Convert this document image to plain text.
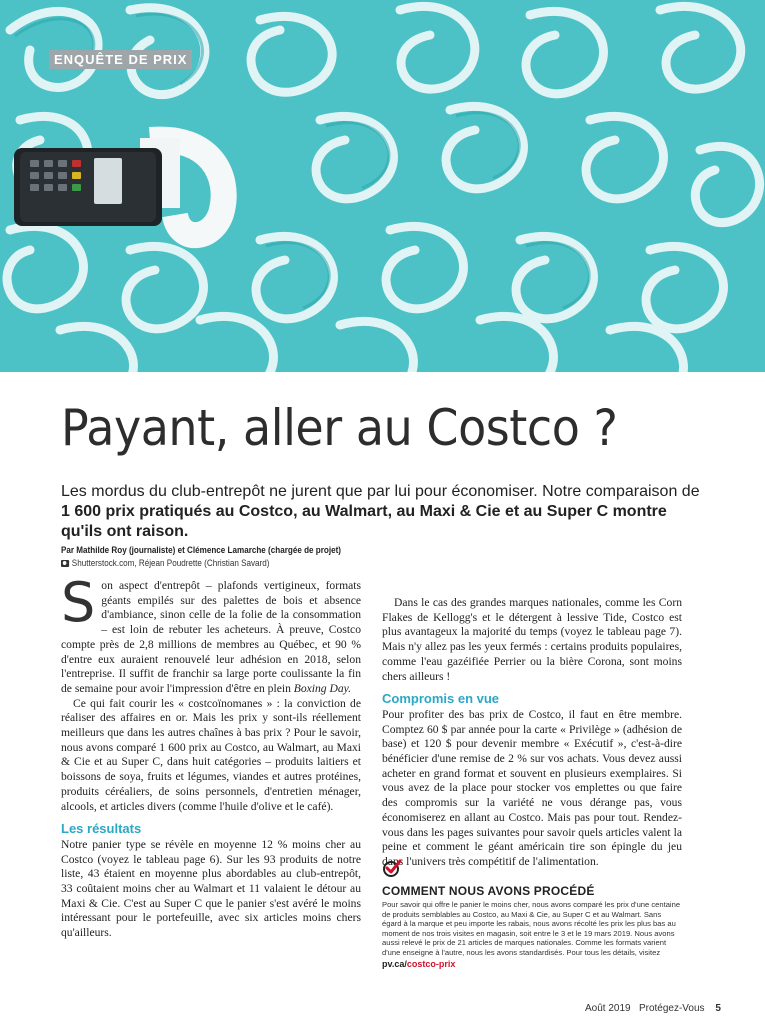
ENQUÊTE DE PRIX
Payant, aller au Costco ?

Les mordus du club-entrepôt ne jurent que par lui pour économiser. Notre comparaison de 1 600 prix pratiqués au Costco, au Walmart, au Maxi & Cie et au Super C montre qu'ils ont raison.

Par Mathilde Roy (journaliste) et Clémence Lamarche (chargée de projet)
Shutterstock.com, Réjean Poudrette (Christian Savard)

Son aspect d'entrepôt – plafonds vertigineux, formats géants empilés sur des palettes de bois et absence d'ambiance, sinon celle de la folie de la consommation – est loin de rebuter les acheteurs. À preuve, Costco compte près de 2,8 millions de membres au Québec, et 90 % d'entre eux auraient renouvelé leur adhésion en 2018, selon l'entreprise. Il suffit de franchir sa large porte coulissante la fin de semaine pour avoir l'impression d'être en plein Boxing Day.

Ce qui fait courir les « costcoïnomanes » : la conviction de réaliser des affaires en or. Mais les prix y sont-ils réellement meilleurs que dans les autres chaînes à bas prix ? Pour le savoir, nous avons comparé 1 600 prix au Costco, au Walmart, au Maxi & Cie et au Super C, dans huit catégories – produits laitiers et boissons de soya, fruits et légumes, viandes et autres protéines, produits céréaliers, de soins personnels, d'entretien ménager, alcools, et articles divers (comme l'huile d'olive et le café).

Les résultats

Notre panier type se révèle en moyenne 12 % moins cher au Costco (voyez le tableau page 6). Sur les 93 produits de notre liste, 43 étaient en moyenne plus abordables au club-entrepôt, 33 coûtaient moins cher au Walmart et 11 valaient le détour au Maxi & Cie. C'est au Super C que le panier s'est avéré le moins intéressant pour le portefeuille, avec six articles moins chers qu'ailleurs.

Dans le cas des grandes marques nationales, comme les Corn Flakes de Kellogg's et le détergent à lessive Tide, Costco est plus avantageux la majorité du temps (voyez le tableau page 7). Mais n'y allez pas les yeux fermés : certains produits populaires, comme l'eau gazéifiée Perrier ou la bière Corona, sont moins chers ailleurs !

Compromis en vue

Pour profiter des bas prix de Costco, il faut en être membre. Comptez 60 $ par année pour la carte « Privilège » (adhésion de base) et 120 $ pour devenir membre « Exécutif », c'est-à-dire bénéficier d'une remise de 2 % sur vos achats. Vous devez aussi acheter en grand format et souvent en plusieurs exemplaires. Si vous avez de la place pour stocker vos emplettes ou que faire des compromis sur la variété ne vous dérange pas, vous économiserez en allant au Costco. Mais pas pour tout. Rendez-vous dans les pages suivantes pour savoir quels articles valent la peine et comment le géant américain tire son épingle du jeu dans l'univers très compétitif de l'alimentation.

COMMENT NOUS AVONS PROCÉDÉ

Pour savoir qui offre le panier le moins cher, nous avons comparé les prix d'une centaine de produits semblables au Costco, au Maxi & Cie, au Super C et au Walmart. Sans égard à la marque et peu importe les rabais, nous avons récolté les prix les plus bas au moment de nos trois visites en magasin, soit entre le 3 et le 19 mars 2019. Nous avons aussi relevé le prix de 21 articles de marques nationales. Comme les formats varient d'une enseigne à l'autre, nous les avons standardisés. Pour tous les détails, visitez

pv.ca/costco-prix
Août 2019 Protégez-Vous 5
